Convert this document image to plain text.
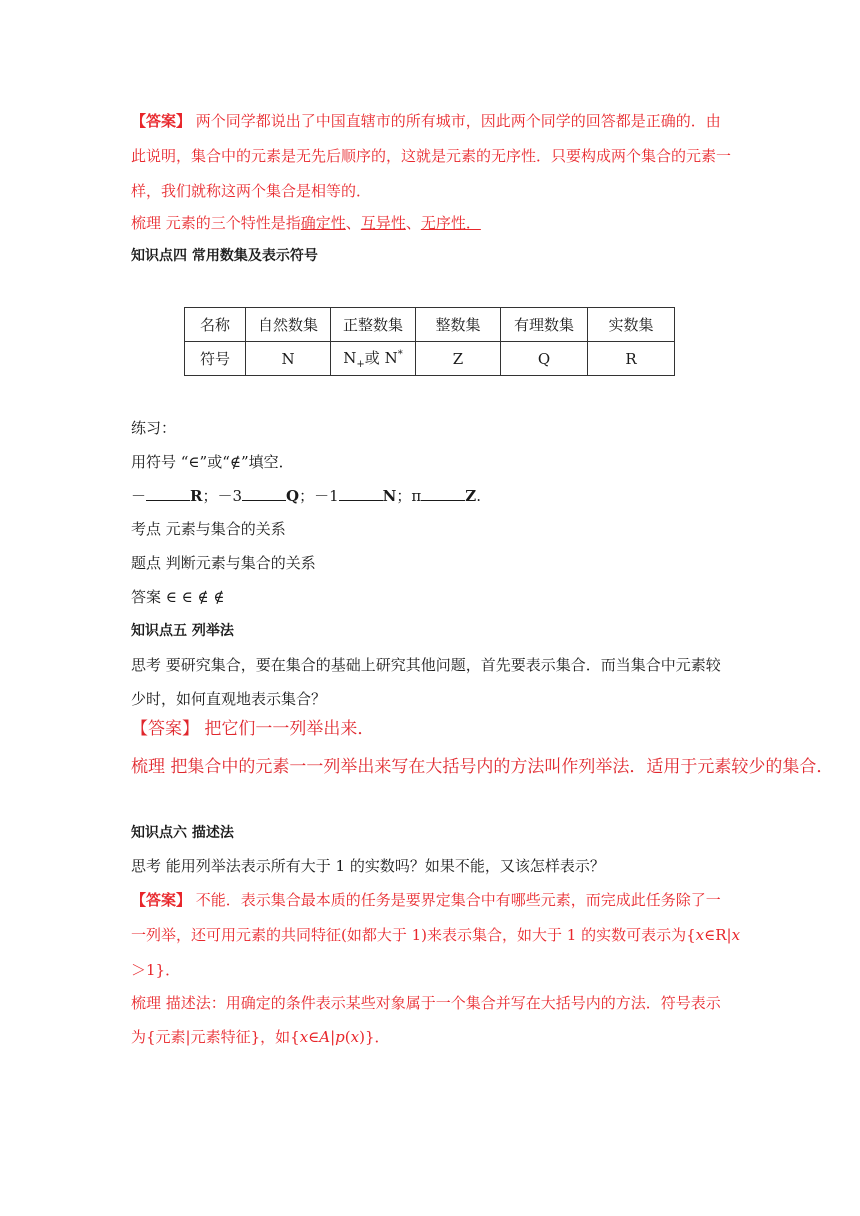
【答案】 两个同学都说出了中国直辖市的所有城市，因此两个同学的回答都是正确的．由
此说明，集合中的元素是无先后顺序的，这就是元素的无序性．只要构成两个集合的元素一
样，我们就称这两个集合是相等的．
梳理 元素的三个特性是指确定性、互异性、无序性．
知识点四 常用数集及表示符号
名称	自然数集	正整数集	整数集	有理数集	实数集
符号	N	$N_+$或 N*	Z	Q	R
练习：
用符号 “∈”或“∉”填空．
－	R；－3	Q；－1	N；π	Z.
考点 元素与集合的关系
题点 判断元素与集合的关系
答案 ∈ ∈ ∉ ∉
知识点五 列举法
思考 要研究集合，要在集合的基础上研究其他问题，首先要表示集合．而当集合中元素较
少时，如何直观地表示集合？
【答案】 把它们一一列举出来．
梳理 把集合中的元素一一列举出来写在大括号内的方法叫作列举法．适用于元素较少的集合．
知识点六 描述法
思考 能用列举法表示所有大于 1 的实数吗？如果不能，又该怎样表示？
【答案】 不能．表示集合最本质的任务是要界定集合中有哪些元素，而完成此任务除了一
一列举，还可用元素的共同特征(如都大于 1)来表示集合，如大于 1 的实数可表示为{x∈R|x
＞1}．
梳理 描述法：用确定的条件表示某些对象属于一个集合并写在大括号内的方法．符号表示
为{元素|元素特征}，如{x∈A|p(x)}．
